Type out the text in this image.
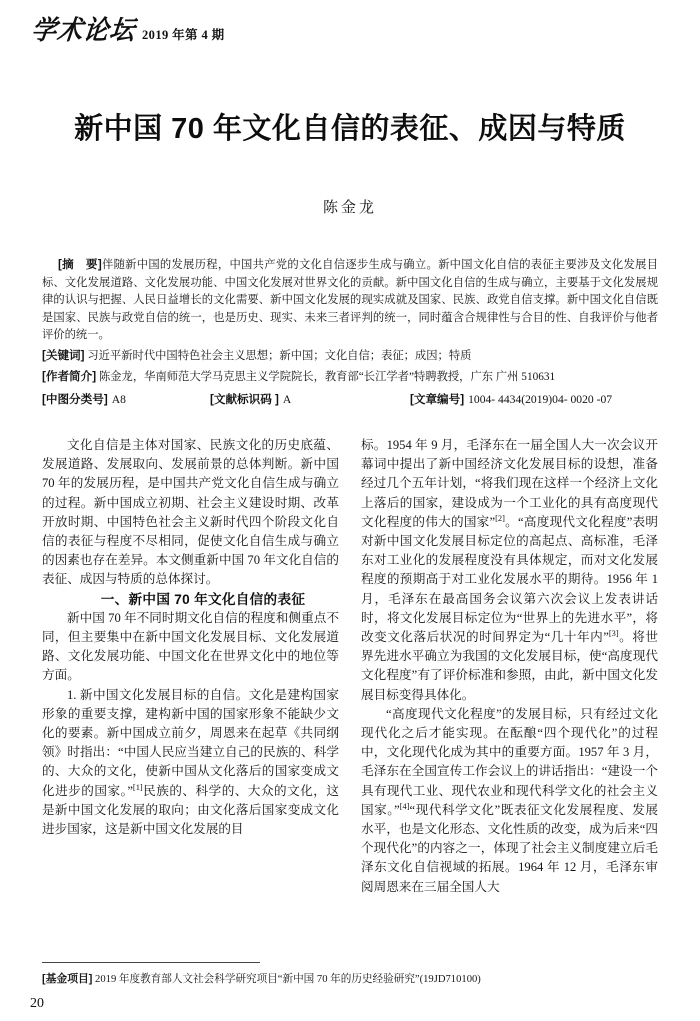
学术论坛 2019 年第 4 期
新中国 70 年文化自信的表征、成因与特质
陈金龙

[摘　要]伴随新中国的发展历程，中国共产党的文化自信逐步生成与确立。新中国文化自信的表征主要涉及文化发展目标、文化发展道路、文化发展功能、中国文化发展对世界文化的贡献。新中国文化自信的生成与确立，主要基于文化发展规律的认识与把握、人民日益增长的文化需要、新中国文化发展的现实成就及国家、民族、政党自信支撑。新中国文化自信既是国家、民族与政党自信的统一，也是历史、现实、未来三者评判的统一，同时蕴含合规律性与合目的性、自我评价与他者评价的统一。

[关键词] 习近平新时代中国特色社会主义思想；新中国；文化自信；表征；成因；特质

[作者简介] 陈金龙，华南师范大学马克思主义学院院长，教育部“长江学者”特聘教授，广东 广州 510631

[中图分类号] A8	[文献标识码 ] A	[文章编号] 1004- 4434(2019)04- 0020 -07

文化自信是主体对国家、民族文化的历史底蕴、发展道路、发展取向、发展前景的总体判断。新中国 70 年的发展历程，是中国共产党文化自信生成与确立的过程。新中国成立初期、社会主义建设时期、改革开放时期、中国特色社会主义新时代四个阶段文化自信的表征与程度不尽相同，促使文化自信生成与确立的因素也存在差异。本文侧重新中国 70 年文化自信的表征、成因与特质的总体探讨。

一、新中国 70 年文化自信的表征

新中国 70 年不同时期文化自信的程度和侧重点不同，但主要集中在新中国文化发展目标、文化发展道路、文化发展功能、中国文化在世界文化中的地位等方面。

1. 新中国文化发展目标的自信。文化是建构国家形象的重要支撑，建构新中国的国家形象不能缺少文化的要素。新中国成立前夕，周恩来在起草《共同纲领》时指出：“中国人民应当建立自己的民族的、科学的、大众的文化，使新中国从文化落后的国家变成文化进步的国家。”[1]民族的、科学的、大众的文化，这是新中国文化发展的取向；由文化落后国家变成文化进步国家，这是新中国文化发展的目

标。1954 年 9 月，毛泽东在一届全国人大一次会议开幕词中提出了新中国经济文化发展目标的设想，准备经过几个五年计划，“将我们现在这样一个经济上文化上落后的国家，建设成为一个工业化的具有高度现代文化程度的伟大的国家”[2]。“高度现代文化程度”表明对新中国文化发展目标定位的高起点、高标准，毛泽东对工业化的发展程度没有具体规定，而对文化发展程度的预期高于对工业化发展水平的期待。1956 年 1 月，毛泽东在最高国务会议第六次会议上发表讲话时，将文化发展目标定位为“世界上的先进水平”，将改变文化落后状况的时间界定为“几十年内”[3]。将世界先进水平确立为我国的文化发展目标，使“高度现代文化程度”有了评价标准和参照，由此，新中国文化发展目标变得具体化。

“高度现代文化程度”的发展目标，只有经过文化现代化之后才能实现。在酝酿“四个现代化”的过程中，文化现代化成为其中的重要方面。1957 年 3 月，毛泽东在全国宣传工作会议上的讲话指出：“建设一个具有现代工业、现代农业和现代科学文化的社会主义国家。”[4]“现代科学文化”既表征文化发展程度、发展水平，也是文化形态、文化性质的改变，成为后来“四个现代化”的内容之一，体现了社会主义制度建立后毛泽东文化自信视域的拓展。1964 年 12 月，毛泽东审阅周恩来在三届全国人大

[基金项目] 2019 年度教育部人文社会科学研究项目“新中国 70 年的历史经验研究”(19JD710100)
20
